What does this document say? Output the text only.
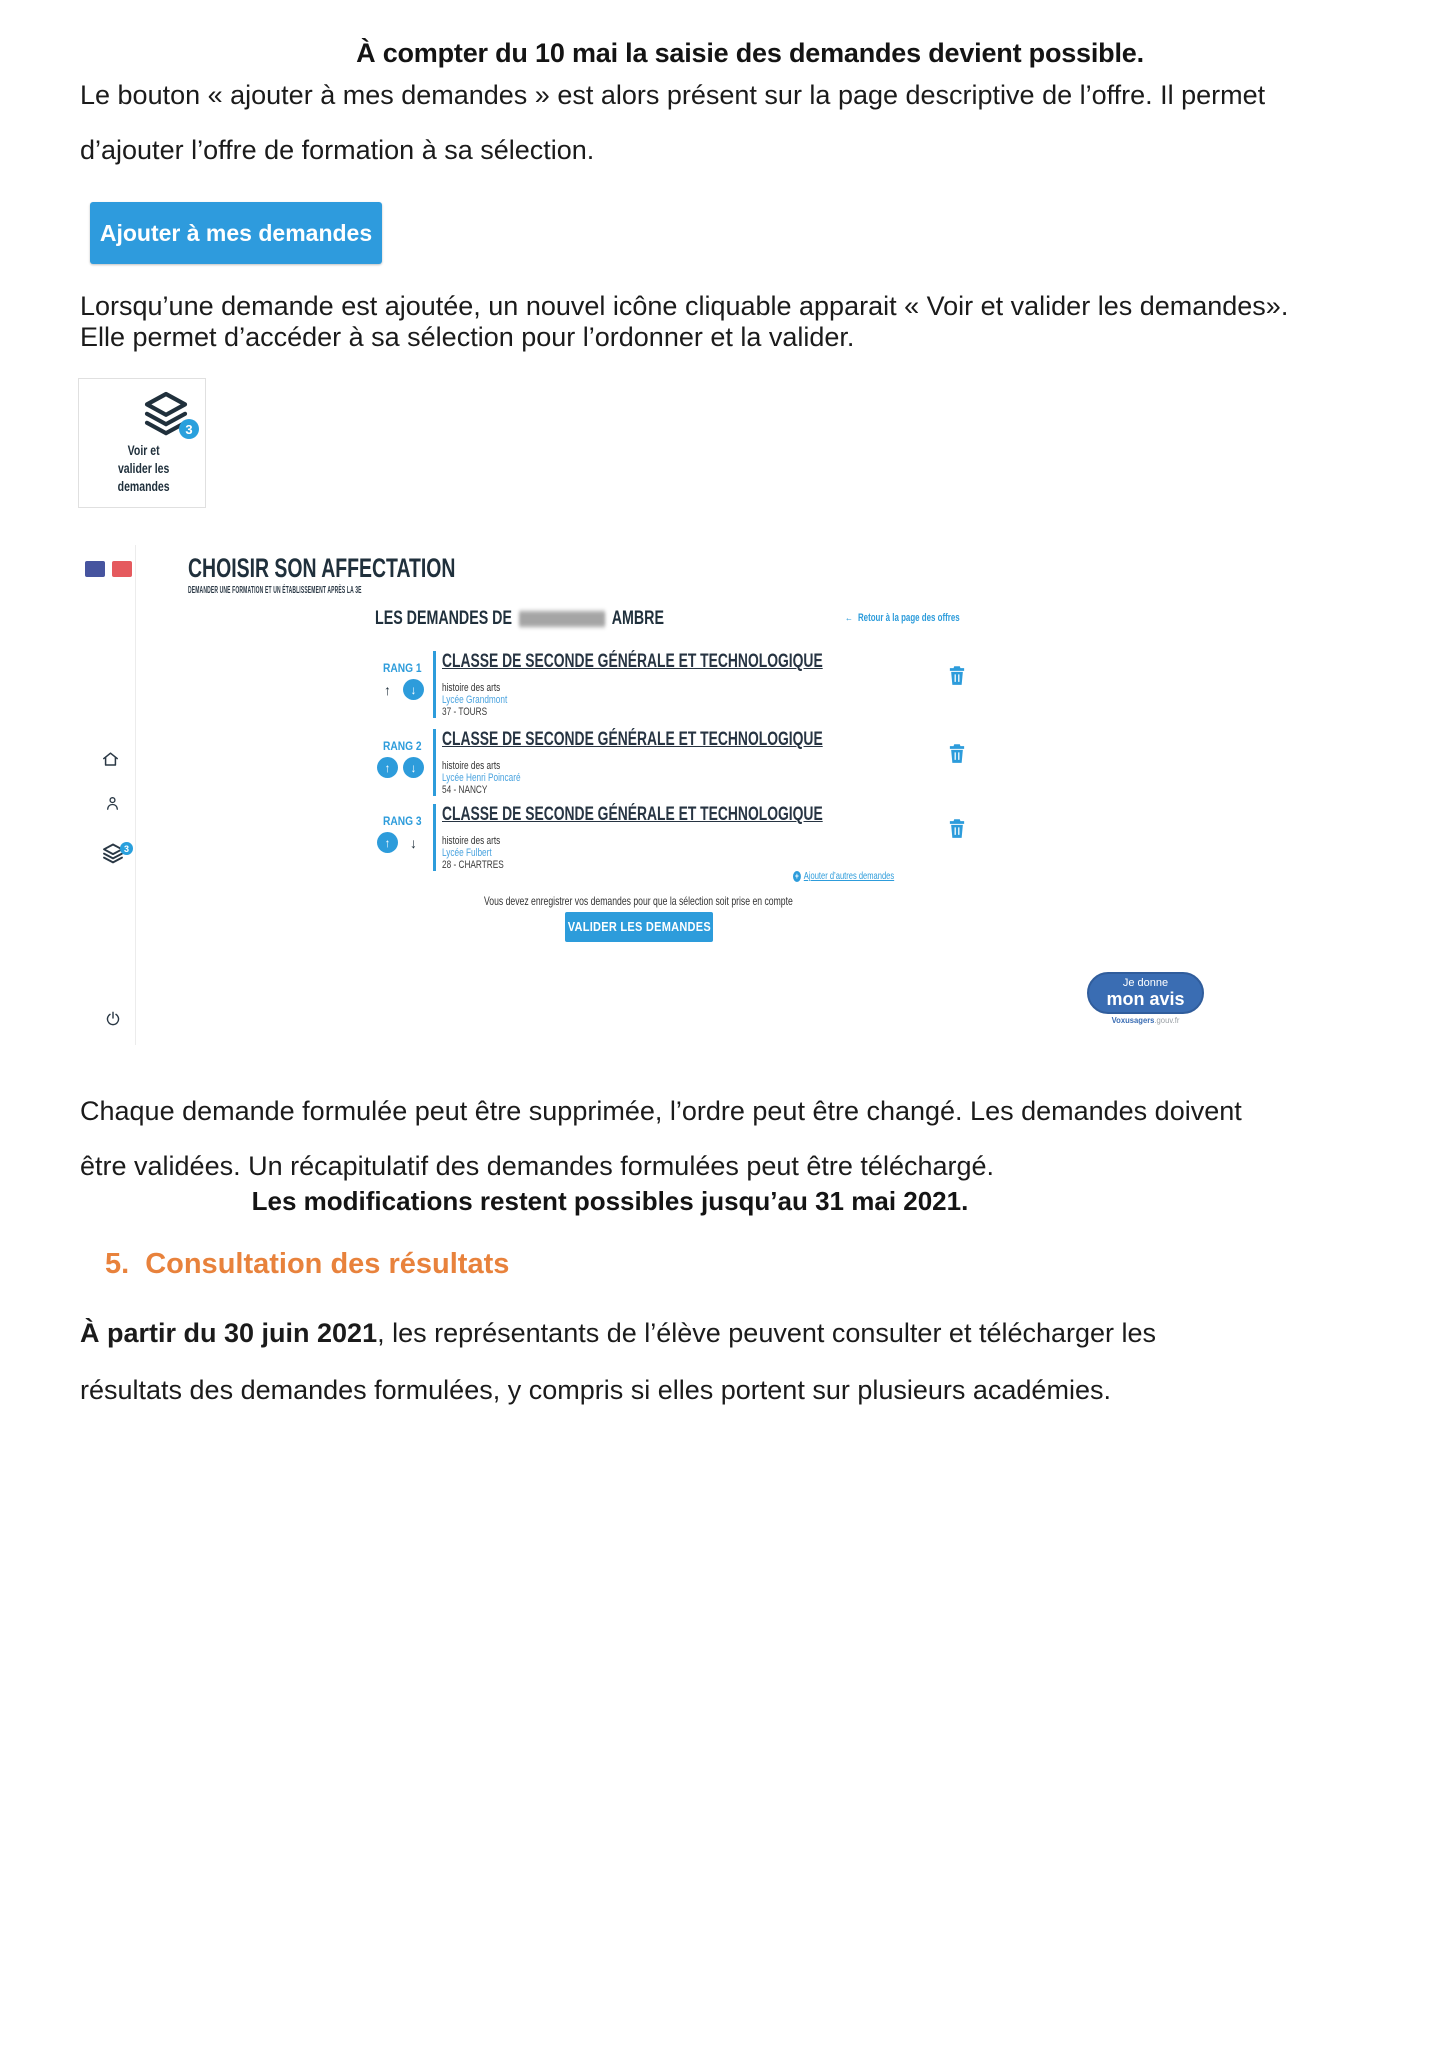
À compter du 10 mai la saisie des demandes devient possible.
Le bouton « ajouter à mes demandes » est alors présent sur la page descriptive de l’offre. Il permet
d’ajouter l’offre de formation à sa sélection.
Ajouter à mes demandes
Lorsqu’une demande est ajoutée, un nouvel icône cliquable apparait « Voir et valider les demandes».
Elle permet d’accéder à sa sélection pour l’ordonner et la valider.
3
Voir et
valider les
demandes
3
CHOISIR SON AFFECTATION
DEMANDER UNE FORMATION ET UN ÉTABLISSEMENT APRÈS LA 3E
LES DEMANDES DE	AMBRE	← Retour à la page des offres
RANG 1
↑	↓
CLASSE DE SECONDE GÉNÉRALE ET TECHNOLOGIQUE
histoire des arts
Lycée Grandmont
37 - TOURS
RANG 2
↑	↓
CLASSE DE SECONDE GÉNÉRALE ET TECHNOLOGIQUE
histoire des arts
Lycée Henri Poincaré
54 - NANCY
RANG 3
↑	↓
CLASSE DE SECONDE GÉNÉRALE ET TECHNOLOGIQUE
histoire des arts
Lycée Fulbert
28 - CHARTRES
+ Ajouter d’autres demandes
Vous devez enregistrer vos demandes pour que la sélection soit prise en compte
VALIDER LES DEMANDES
Je donne
mon avis
Voxusagers.gouv.fr
Chaque demande formulée peut être supprimée, l’ordre peut être changé. Les demandes doivent
être validées. Un récapitulatif des demandes formulées peut être téléchargé.
Les modifications restent possibles jusqu’au 31 mai 2021.
5. Consultation des résultats
À partir du 30 juin 2021, les représentants de l’élève peuvent consulter et télécharger les
résultats des demandes formulées, y compris si elles portent sur plusieurs académies.
